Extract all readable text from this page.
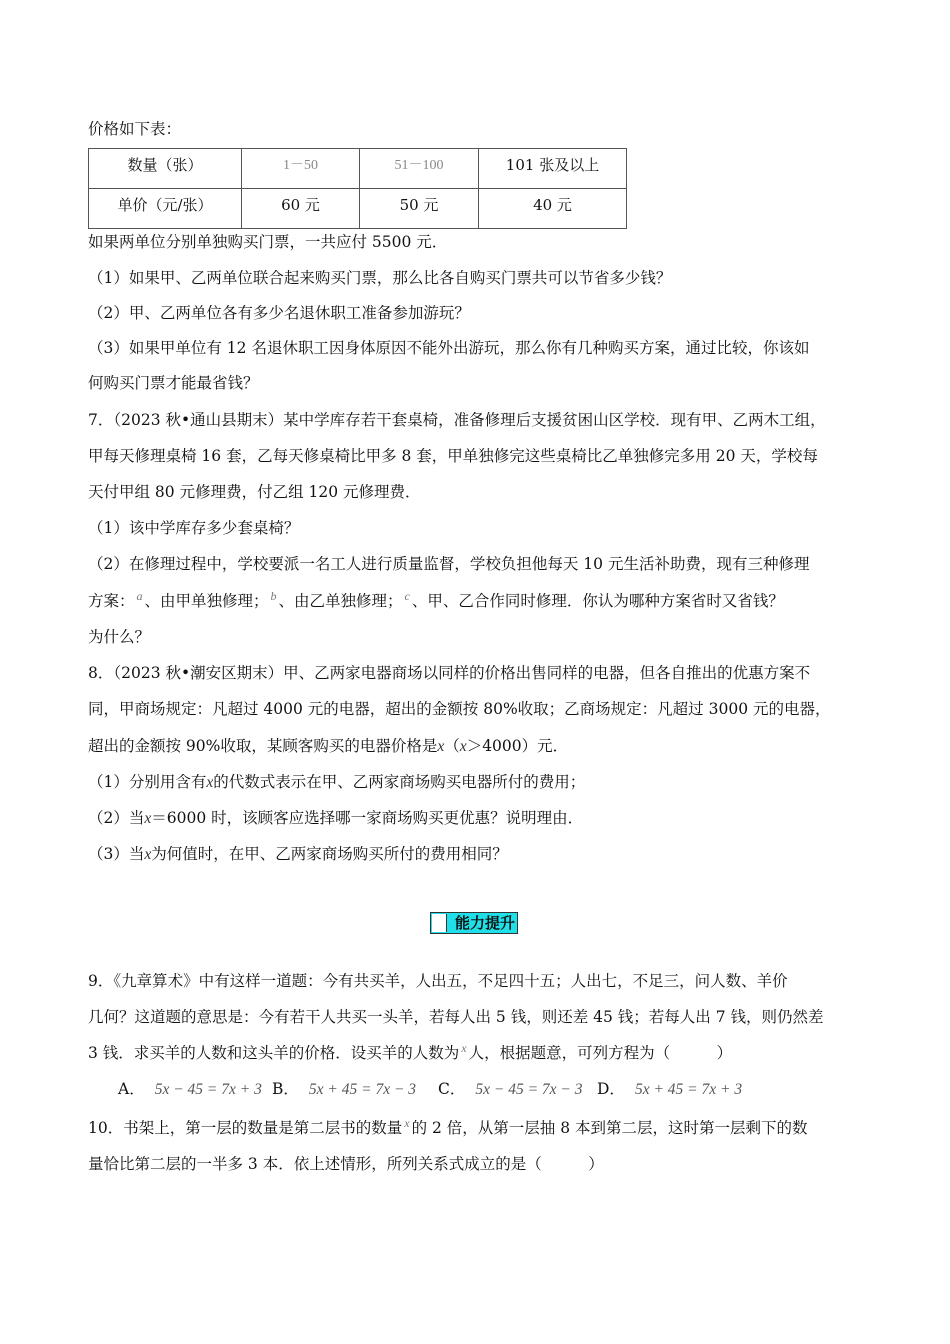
价格如下表：
数量（张）	1－50	51－100	101 张及以上
单价（元/张）	60 元	50 元	40 元
如果两单位分别单独购买门票，一共应付 5500 元．
（1）如果甲、乙两单位联合起来购买门票，那么比各自购买门票共可以节省多少钱？
（2）甲、乙两单位各有多少名退休职工准备参加游玩？
（3）如果甲单位有 12 名退休职工因身体原因不能外出游玩，那么你有几种购买方案，通过比较，你该如
何购买门票才能最省钱？
7．（2023 秋•通山县期末）某中学库存若干套桌椅，准备修理后支援贫困山区学校．现有甲、乙两木工组，
甲每天修理桌椅 16 套，乙每天修桌椅比甲多 8 套，甲单独修完这些桌椅比乙单独修完多用 20 天，学校每
天付甲组 80 元修理费，付乙组 120 元修理费．
（1）该中学库存多少套桌椅？
（2）在修理过程中，学校要派一名工人进行质量监督，学校负担他每天 10 元生活补助费，现有三种修理
方案： $^a$ 、由甲单独修理； $^b$ 、由乙单独修理； $^c$ 、甲、乙合作同时修理．你认为哪种方案省时又省钱？
为什么？
8．（2023 秋•潮安区期末）甲、乙两家电器商场以同样的价格出售同样的电器，但各自推出的优惠方案不
同，甲商场规定：凡超过 4000 元的电器，超出的金额按 80%收取；乙商场规定：凡超过 3000 元的电器，
超出的金额按 90%收取，某顾客购买的电器价格是x（x＞4000）元．
（1）分别用含有x的代数式表示在甲、乙两家商场购买电器所付的费用；
（2）当x＝6000 时，该顾客应选择哪一家商场购买更优惠？说明理由．
（3）当x为何值时，在甲、乙两家商场购买所付的费用相同？
能力提升
9．《九章算术》中有这样一道题：今有共买羊，人出五，不足四十五；人出七，不足三，问人数、羊价
几何？这道题的意思是：今有若干人共买一头羊，若每人出 5 钱，则还差 45 钱；若每人出 7 钱，则仍然差
3 钱．求买羊的人数和这头羊的价格．设买羊的人数为 $^x$ 人，根据题意，可列方程为（　　　）
A． 5x − 45 = 7x + 3 B． 5x + 45 = 7x − 3 C． 5x − 45 = 7x − 3 D． 5x + 45 = 7x + 3
10．书架上，第一层的数量是第二层书的数量 $^x$ 的 2 倍，从第一层抽 8 本到第二层，这时第一层剩下的数
量恰比第二层的一半多 3 本．依上述情形，所列关系式成立的是（　　　）
